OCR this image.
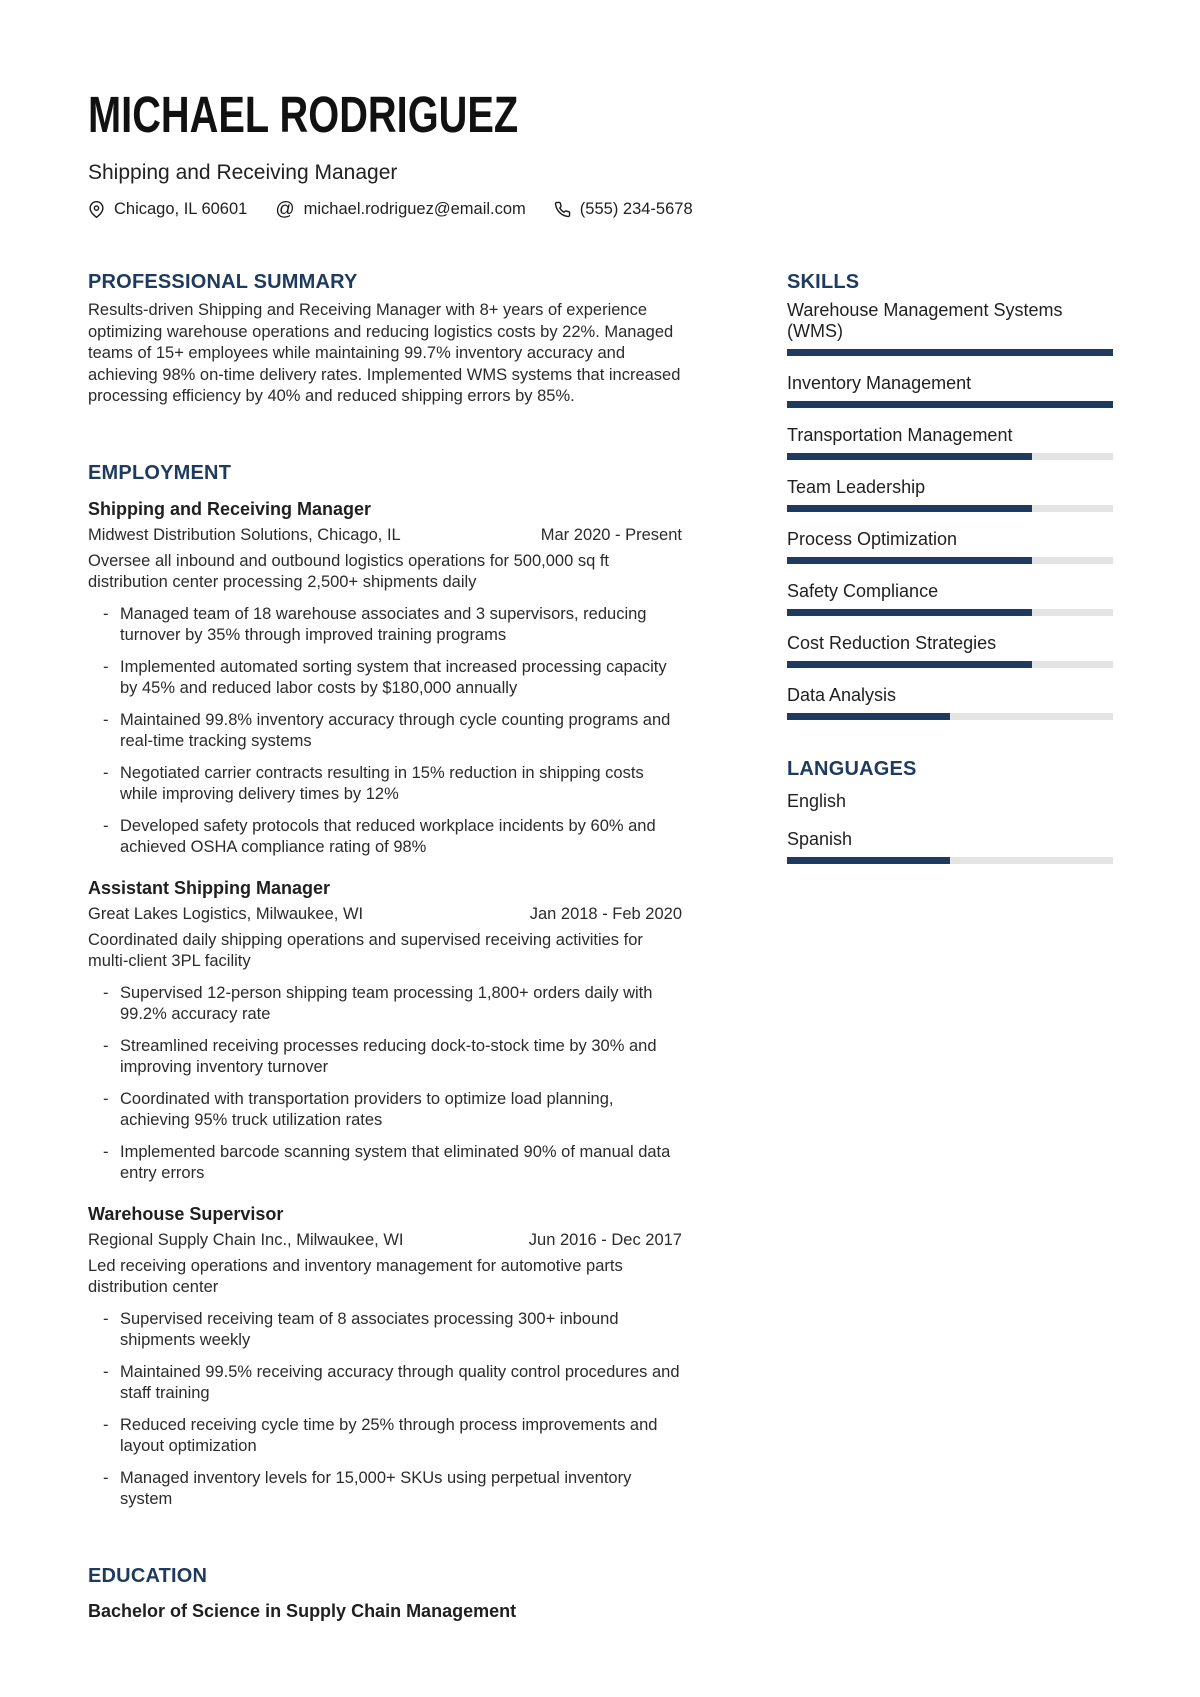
MICHAEL RODRIGUEZ
Shipping and Receiving Manager
Chicago, IL 60601 @ michael.rodriguez@email.com	(555) 234-5678
PROFESSIONAL SUMMARY

Results-driven Shipping and Receiving Manager with 8+ years of experience optimizing warehouse operations and reducing logistics costs by 22%. Managed teams of 15+ employees while maintaining 99.7% inventory accuracy and achieving 98% on-time delivery rates. Implemented WMS systems that increased processing efficiency by 40% and reduced shipping errors by 85%.

EMPLOYMENT
Shipping and Receiving Manager
Midwest Distribution Solutions, Chicago, IL	Mar 2020 - Present

Oversee all inbound and outbound logistics operations for 500,000 sq ft distribution center processing 2,500+ shipments daily

- Managed team of 18 warehouse associates and 3 supervisors, reducing turnover by 35% through improved training programs
- Implemented automated sorting system that increased processing capacity by 45% and reduced labor costs by $180,000 annually
- Maintained 99.8% inventory accuracy through cycle counting programs and real-time tracking systems
- Negotiated carrier contracts resulting in 15% reduction in shipping costs while improving delivery times by 12%
- Developed safety protocols that reduced workplace incidents by 60% and achieved OSHA compliance rating of 98%
Assistant Shipping Manager
Great Lakes Logistics, Milwaukee, WI	Jan 2018 - Feb 2020

Coordinated daily shipping operations and supervised receiving activities for multi-client 3PL facility

- Supervised 12-person shipping team processing 1,800+ orders daily with 99.2% accuracy rate
- Streamlined receiving processes reducing dock-to-stock time by 30% and improving inventory turnover
- Coordinated with transportation providers to optimize load planning, achieving 95% truck utilization rates
- Implemented barcode scanning system that eliminated 90% of manual data entry errors
Warehouse Supervisor
Regional Supply Chain Inc., Milwaukee, WI	Jun 2016 - Dec 2017

Led receiving operations and inventory management for automotive parts distribution center

- Supervised receiving team of 8 associates processing 300+ inbound shipments weekly
- Maintained 99.5% receiving accuracy through quality control procedures and staff training
- Reduced receiving cycle time by 25% through process improvements and layout optimization
- Managed inventory levels for 15,000+ SKUs using perpetual inventory system
EDUCATION
Bachelor of Science in Supply Chain Management
SKILLS
Warehouse Management Systems (WMS)
Inventory Management
Transportation Management
Team Leadership
Process Optimization
Safety Compliance
Cost Reduction Strategies
Data Analysis
LANGUAGES
English
Spanish
